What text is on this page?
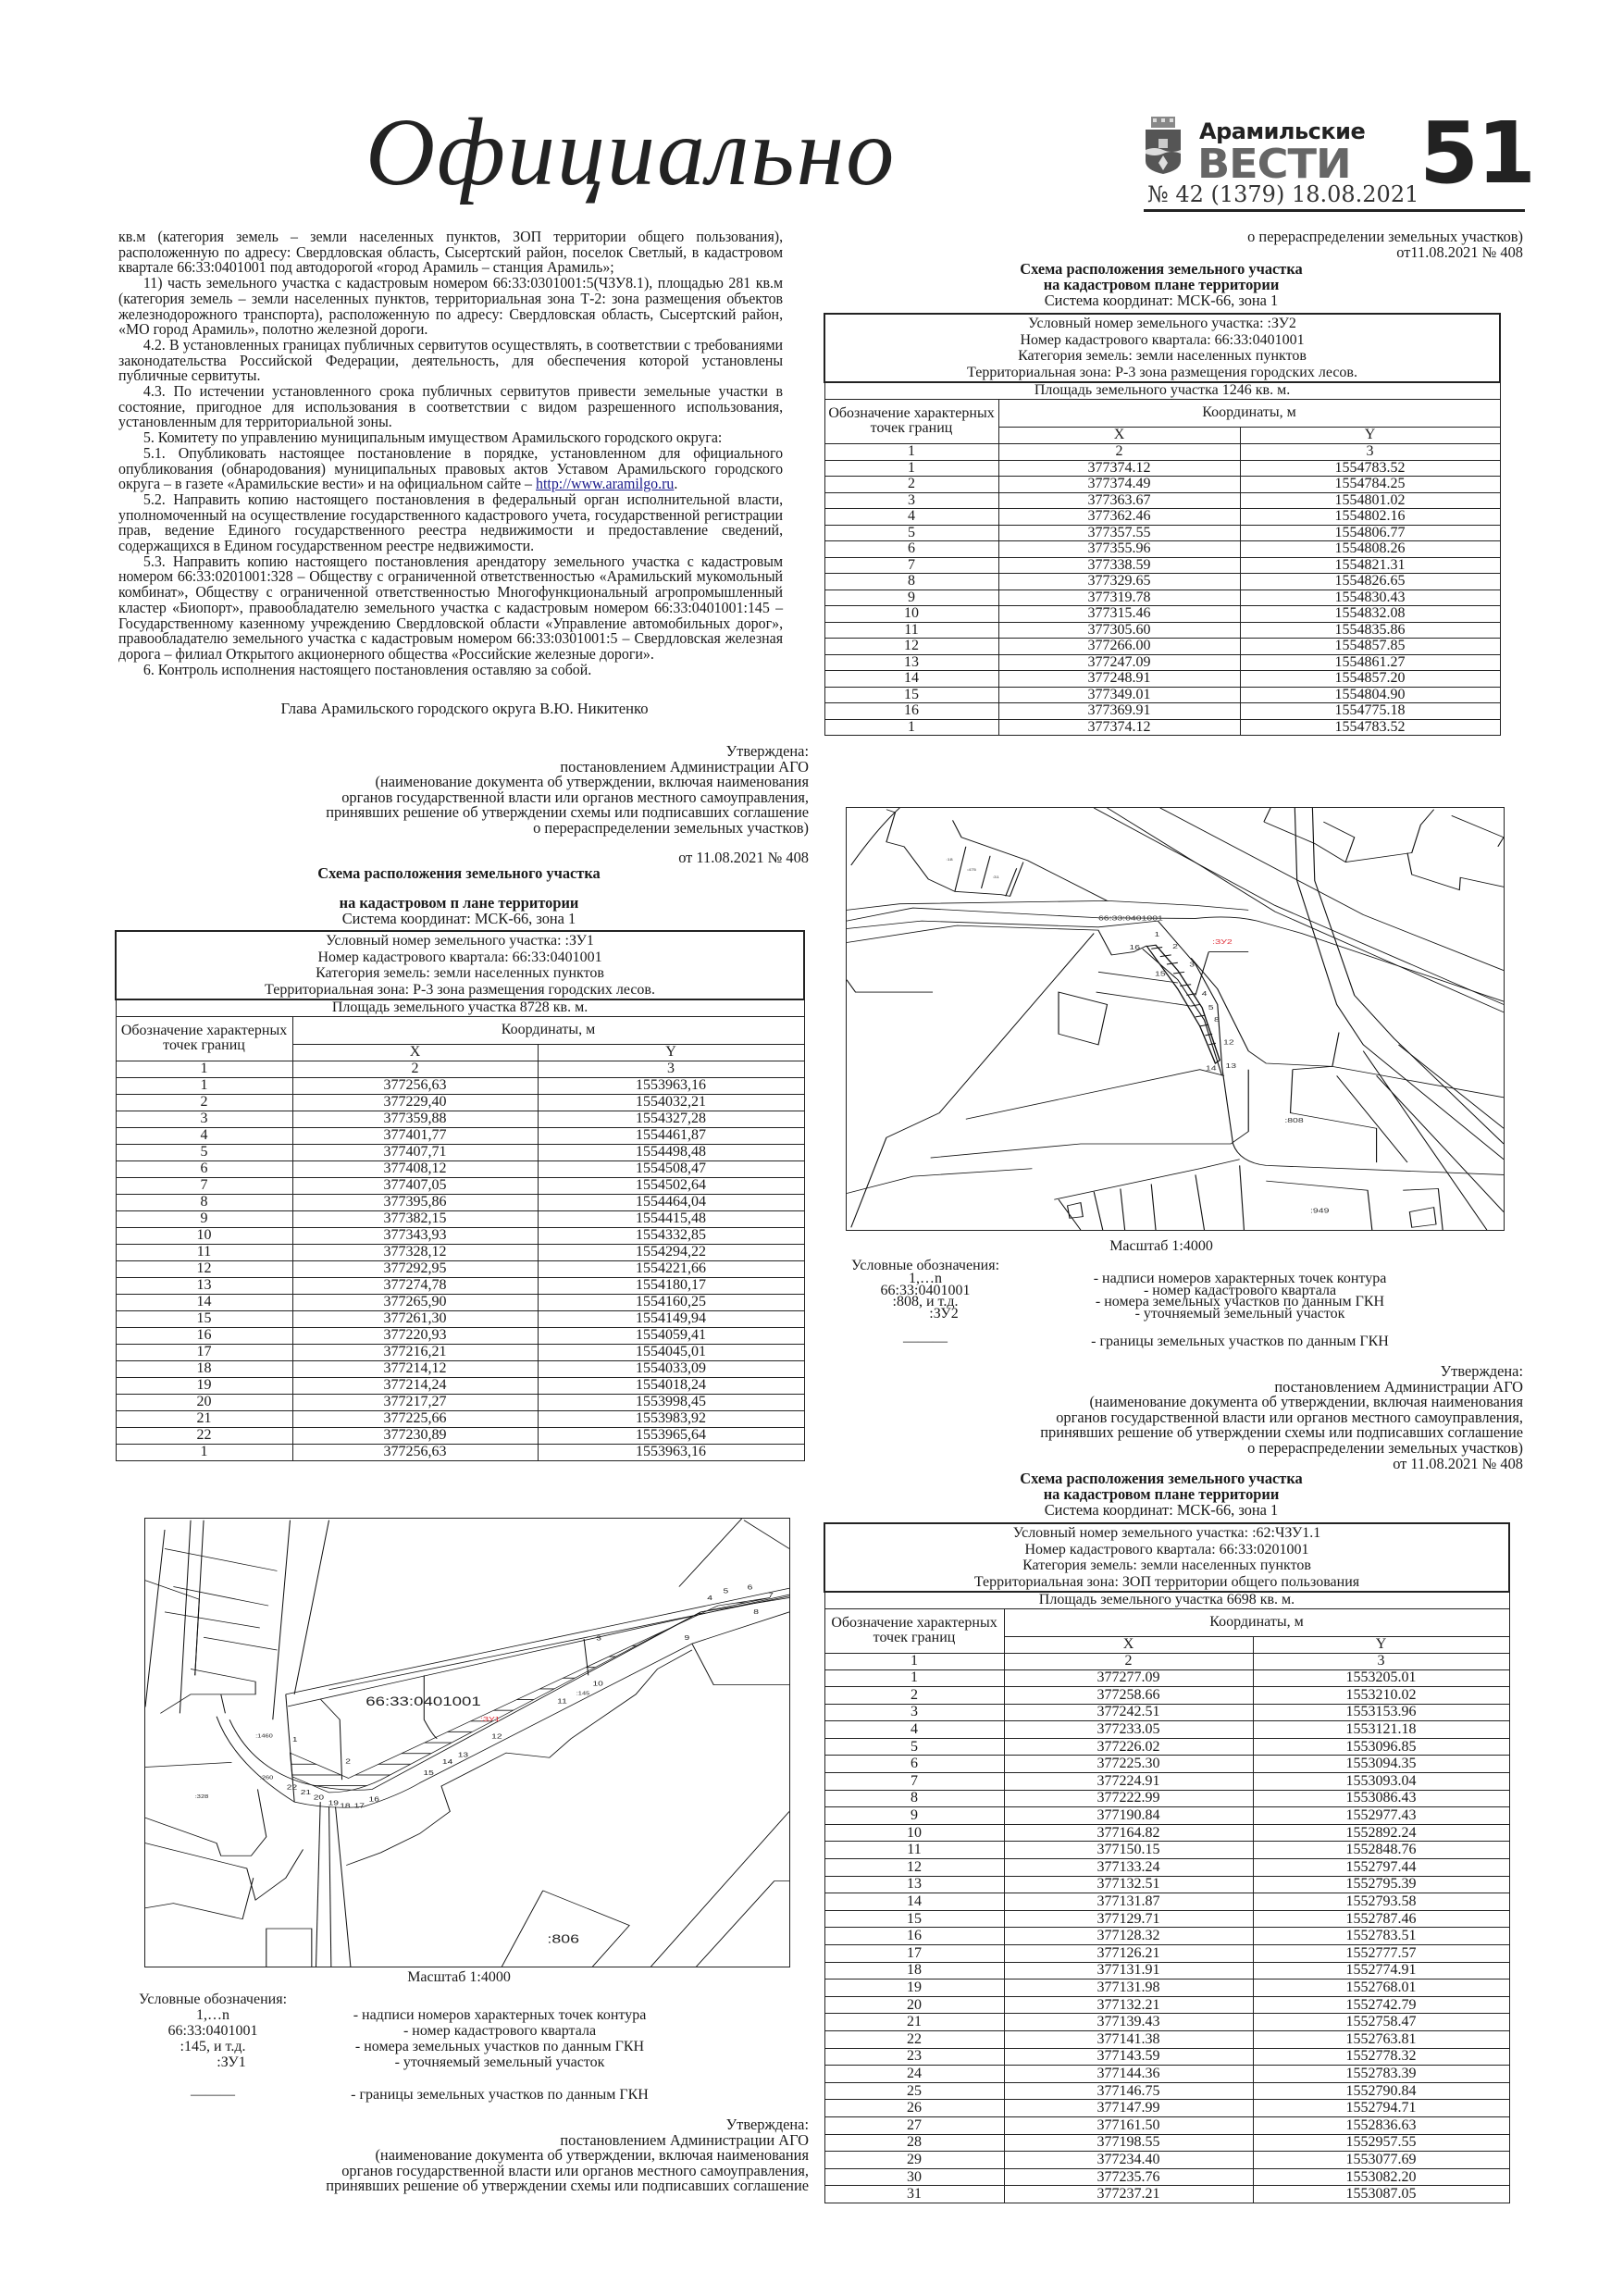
Официально	Арамильские
ВЕСТИ
№ 42 (1379) 18.08.2021 51

кв.м (категория земель – земли населенных пунктов, ЗОП территории общего пользования), расположенную по адресу: Свердловская область, Сысертский район, поселок Светлый, в кадастровом квартале 66:33:0401001 под автодорогой «город Арамиль – станция Арамиль»;

11) часть земельного участка с кадастровым номером 66:33:0301001:5(ЧЗУ8.1), площадью 281 кв.м (категория земель – земли населенных пунктов, территориальная зона Т-2: зона размещения объектов железнодорожного транспорта), расположенную по адресу: Свердловская область, Сысертский район, «МО город Арамиль», полотно железной дороги.

4.2. В установленных границах публичных сервитутов осуществлять, в соответствии с требованиями законодательства Российской Федерации, деятельность, для обеспечения которой установлены публичные сервитуты.

4.3. По истечении установленного срока публичных сервитутов привести земельные участки в состояние, пригодное для использования в соответствии с видом разрешенного использования, установленным для территориальной зоны.

5. Комитету по управлению муниципальным имуществом Арамильского городского округа:

5.1. Опубликовать настоящее постановление в порядке, установленном для официального опубликования (обнародования) муниципальных правовых актов Уставом Арамильского городского округа – в газете «Арамильские вести» и на официальном сайте – http://www.aramilgo.ru.

5.2. Направить копию настоящего постановления в федеральный орган исполнительной власти, уполномоченный на осуществление государственного кадастрового учета, государственной регистрации прав, ведение Единого государственного реестра недвижимости и предоставление сведений, содержащихся в Едином государственном реестре недвижимости.

5.3. Направить копию настоящего постановления арендатору земельного участка с кадастровым номером 66:33:0201001:328 – Обществу с ограниченной ответственностью «Арамильский мукомольный комбинат», Обществу с ограниченной ответственностью Многофункциональный агропромышленный кластер «Биопорт», правообладателю земельного участка с кадастровым номером 66:33:0401001:145 – Государственному казенному учреждению Свердловской области «Управление автомобильных дорог», правообладателю земельного участка с кадастровым номером 66:33:0301001:5 – Свердловская железная дорога – филиал Открытого акционерного общества «Российские железные дороги».

6. Контроль исполнения настоящего постановления оставляю за собой.

Глава Арамильского городского округа В.Ю. Никитенко
Утверждена:
постановлением Администрации АГО
(наименование документа об утверждении, включая наименования
органов государственной власти или органов местного самоуправления,
принявших решение об утверждении схемы или подписавших соглашение
о перераспределении земельных участков)
от 11.08.2021 № 408
Схема расположения земельного участка
на кадастровом п лане территории
Система координат: МСК-66, зона 1
Условный номер земельного участка: :ЗУ1
Номер кадастрового квартала: 66:33:0401001
Категория земель: земли населенных пунктов
Территориальная зона: Р-3 зона размещения городских лесов.		

Площадь земельного участка 8728 кв. м.		
Обозначение характерных точек границ	Координаты, м	
	X	Y
1	2	3
1	377256,63	1553963,16
2	377229,40	1554032,21
3	377359,88	1554327,28
4	377401,77	1554461,87
5	377407,71	1554498,48
6	377408,12	1554508,47
7	377407,05	1554502,64
8	377395,86	1554464,04
9	377382,15	1554415,48
10	377343,93	1554332,85
11	377328,12	1554294,22
12	377292,95	1554221,66
13	377274,78	1554180,17
14	377265,90	1554160,25
15	377261,30	1554149,94
16	377220,93	1554059,41
17	377216,21	1554045,01
18	377214,12	1554033,09
19	377214,24	1554018,24
20	377217,27	1553998,45
21	377225,66	1553983,92
22	377230,89	1553965,64
1	377256,63	1553963,16
66:33:0401001
:ЗУ1
:1460
:260
:328
:145
:806
1
2
3
4
5 6
7
8
9
10
11
12
13
14
15
16
17
18
19
20
21
22
Масштаб 1:4000
Условные обозначения:
1,…n	- надписи номеров характерных точек контура
66:33:0401001	- номер кадастрового квартала
:145, и т.д.	- номера земельных участков по данным ГКН
:ЗУ1	- уточняемый земельный участок
———	- границы земельных участков по данным ГКН
Утверждена:
постановлением Администрации АГО
(наименование документа об утверждении, включая наименования
органов государственной власти или органов местного самоуправления,
принявших решение об утверждении схемы или подписавших соглашение
о перераспределении земельных участков)
от11.08.2021 № 408
Схема расположения земельного участка
на кадастровом плане территории
Система координат: МСК-66, зона 1
Условный номер земельного участка: :ЗУ2
Номер кадастрового квартала: 66:33:0401001
Категория земель: земли населенных пунктов
Территориальная зона: Р-3 зона размещения городских лесов.		

Площадь земельного участка 1246 кв. м.		
Обозначение характерных точек границ	Координаты, м	
	X	Y
1	2	3
1	377374.12	1554783.52
2	377374.49	1554784.25
3	377363.67	1554801.02
4	377362.46	1554802.16
5	377357.55	1554806.77
6	377355.96	1554808.26
7	377338.59	1554821.31
8	377329.65	1554826.65
9	377319.78	1554830.43
10	377315.46	1554832.08
11	377305.60	1554835.86
12	377266.00	1554857.85
13	377247.09	1554861.27
14	377248.91	1554857.20
15	377349.01	1554804.90
16	377369.91	1554775.18
1	377374.12	1554783.52
66:33:0401001
:ЗУ2
:808
:949
:18
:475
:31
1
2
3
4
5
8
12
13
14
15
16
Масштаб 1:4000
Условные обозначения:
1,…n	- надписи номеров характерных точек контура
66:33:0401001	- номер кадастрового квартала
:808, и т.д.	- номера земельных участков по данным ГКН
:ЗУ2	- уточняемый земельный участок
———	- границы земельных участков по данным ГКН
Утверждена:
постановлением Администрации АГО
(наименование документа об утверждении, включая наименования
органов государственной власти или органов местного самоуправления,
принявших решение об утверждении схемы или подписавших соглашение
о перераспределении земельных участков)
от 11.08.2021 № 408
Схема расположения земельного участка
на кадастровом плане территории
Система координат: МСК-66, зона 1
Условный номер земельного участка: :62:ЧЗУ1.1
Номер кадастрового квартала: 66:33:0201001
Категория земель: земли населенных пунктов
Территориальная зона: ЗОП территории общего пользования		

Площадь земельного участка 6698 кв. м.		
Обозначение характерных точек границ	Координаты, м	
	X	Y
1	2	3
1	377277.09	1553205.01
2	377258.66	1553210.02
3	377242.51	1553153.96
4	377233.05	1553121.18
5	377226.02	1553096.85
6	377225.30	1553094.35
7	377224.91	1553093.04
8	377222.99	1553086.43
9	377190.84	1552977.43
10	377164.82	1552892.24
11	377150.15	1552848.76
12	377133.24	1552797.44
13	377132.51	1552795.39
14	377131.87	1552793.58
15	377129.71	1552787.46
16	377128.32	1552783.51
17	377126.21	1552777.57
18	377131.91	1552774.91
19	377131.98	1552768.01
20	377132.21	1552742.79
21	377139.43	1552758.47
22	377141.38	1552763.81
23	377143.59	1552778.32
24	377144.36	1552783.39
25	377146.75	1552790.84
26	377147.99	1552794.71
27	377161.50	1552836.63
28	377198.55	1552957.55
29	377234.40	1553077.69
30	377235.76	1553082.20
31	377237.21	1553087.05
